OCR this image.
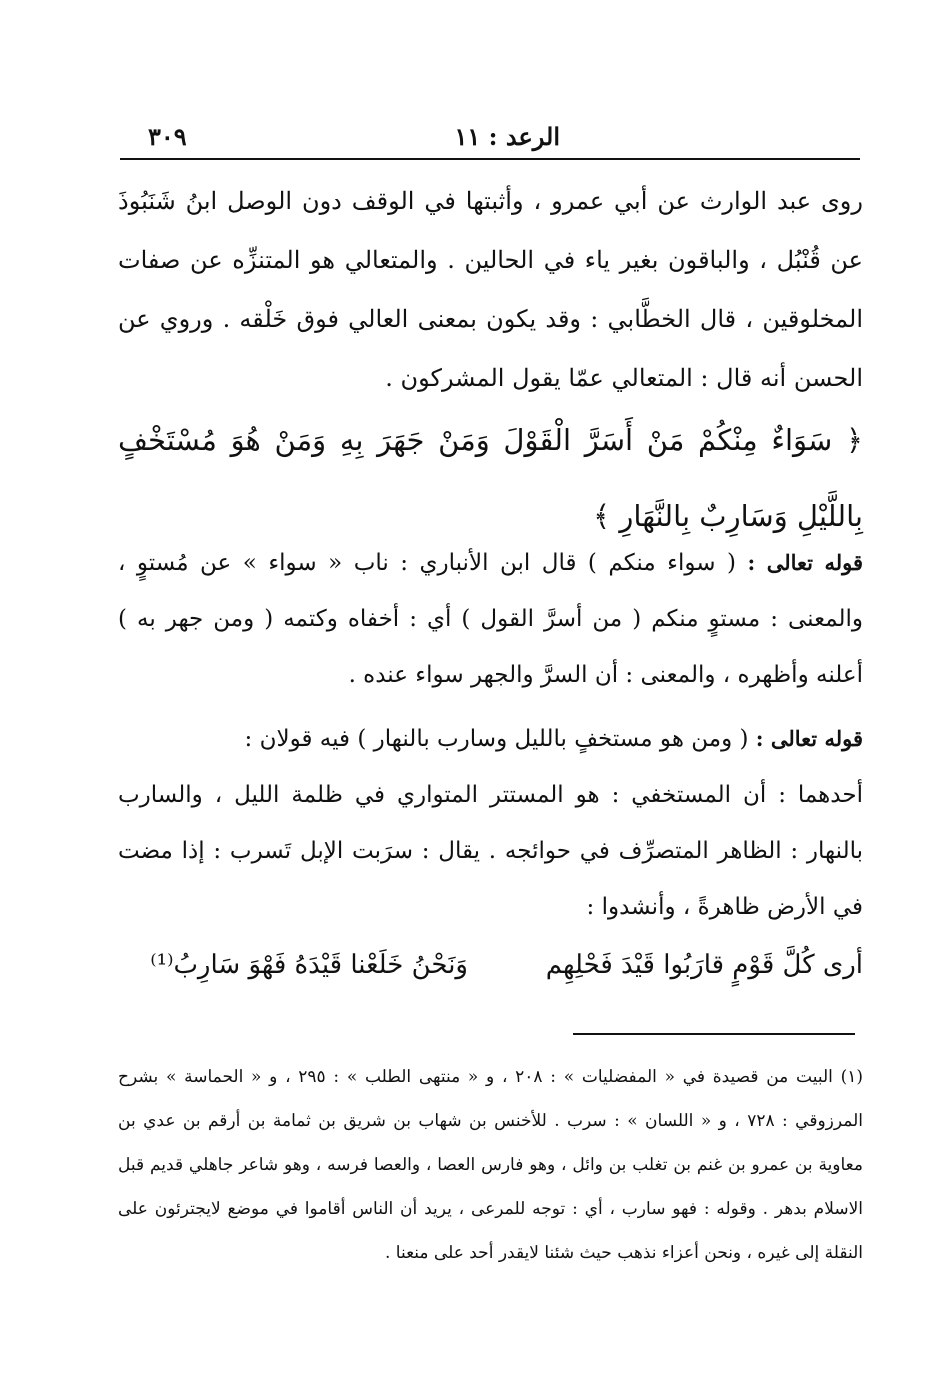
الرعد : ١١
٣٠٩

روى عبد الوارث عن أبي عمرو ، وأثبتها في الوقف دون الوصل ابنُ شَنَبُوذَ عن قُنْبُل ، والباقون بغير ياء في الحالين . والمتعالي هو المتنزِّه عن صفات المخلوقين ، قال الخطَّابي : وقد يكون بمعنى العالي فوق خَلْقه . وروي عن الحسن أنه قال : المتعالي عمّا يقول المشركون .

﴿ سَوَاءٌ مِنْكُمْ مَنْ أَسَرَّ الْقَوْلَ وَمَنْ جَهَرَ بِهِ وَمَنْ هُوَ مُسْتَخْفٍ بِاللَّيْلِ وَسَارِبٌ بِالنَّهَارِ ﴾

قوله تعالى : ( سواء منكم ) قال ابن الأنباري : ناب « سواء » عن مُستوٍ ، والمعنى : مستوٍ منكم ( من أسرَّ القول ) أي : أخفاه وكتمه ( ومن جهر به ) أعلنه وأظهره ، والمعنى : أن السرَّ والجهر سواء عنده .

قوله تعالى : ( ومن هو مستخفٍ بالليل وسارب بالنهار ) فيه قولان :

أحدهما : أن المستخفي : هو المستتر المتواري في ظلمة الليل ، والسارب بالنهار : الظاهر المتصرِّف في حوائجه . يقال : سرَبت الإبل تَسرب : إذا مضت في الأرض ظاهرةً ، وأنشدوا :

أرى كُلَّ قَوْمٍ قارَبُوا قَيْدَ فَحْلِهِم
وَنَحْنُ خَلَعْنا قَيْدَهُ فَهْوَ سَارِبُ⁽¹⁾

(١) البيت من قصيدة في « المفضليات » : ٢٠٨ ، و « منتهى الطلب » : ٢٩٥ ، و « الحماسة » بشرح المرزوقي : ٧٢٨ ، و « اللسان » : سرب . للأخنس بن شهاب بن شريق بن ثمامة بن أرقم بن عدي بن معاوية بن عمرو بن غنم بن تغلب بن وائل ، وهو فارس العصا ، والعصا فرسه ، وهو شاعر جاهلي قديم قبل الاسلام بدهر . وقوله : فهو سارب ، أي : توجه للمرعى ، يريد أن الناس أقاموا في موضع لايجترئون على النقلة إلى غيره ، ونحن أعزاء نذهب حيث شئنا لايقدر أحد على منعنا .
